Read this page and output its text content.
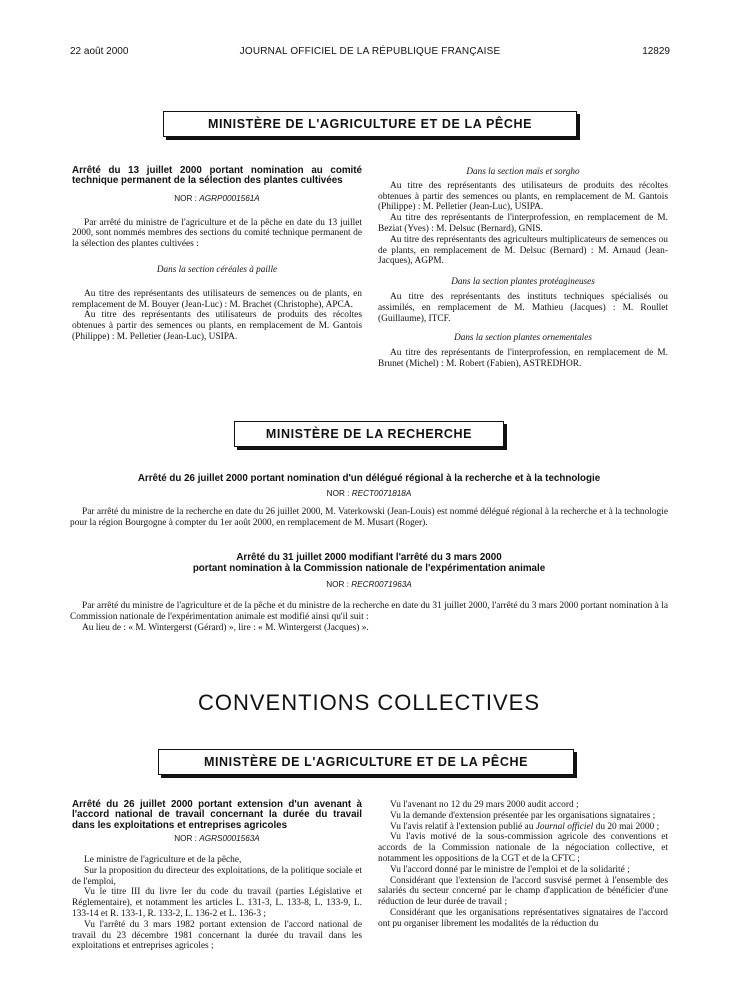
22 août 2000	JOURNAL OFFICIEL DE LA RÉPUBLIQUE FRANÇAISE	12829
MINISTÈRE DE L'AGRICULTURE ET DE LA PÊCHE

Arrêté du 13 juillet 2000 portant nomination au comité technique permanent de la sélection des plantes cultivées

NOR : AGRP0001561A

Par arrêté du ministre de l'agriculture et de la pêche en date du 13 juillet 2000, sont nommés membres des sections du comité technique permanent de la sélection des plantes cultivées :

Dans la section céréales à paille

Au titre des représentants des utilisateurs de semences ou de plants, en remplacement de M. Bouyer (Jean-Luc) : M. Brachet (Christophe), APCA.

Au titre des représentants des utilisateurs de produits des récoltes obtenues à partir des semences ou plants, en remplacement de M. Gantois (Philippe) : M. Pelletier (Jean-Luc), USIPA.

Dans la section maïs et sorgho

Au titre des représentants des utilisateurs de produits des récoltes obtenues à partir des semences ou plants, en remplacement de M. Gantois (Philippe) : M. Pelletier (Jean-Luc), USIPA.

Au titre des représentants de l'interprofession, en remplacement de M. Beziat (Yves) : M. Delsuc (Bernard), GNIS.

Au titre des représentants des agriculteurs multiplicateurs de semences ou de plants, en remplacement de M. Delsuc (Bernard) : M. Arnaud (Jean-Jacques), AGPM.

Dans la section plantes protéagineuses

Au titre des représentants des instituts techniques spécialisés ou assimilés, en remplacement de M. Mathieu (Jacques) : M. Roullet (Guillaume), ITCF.

Dans la section plantes ornementales

Au titre des représentants de l'interprofession, en remplacement de M. Brunet (Michel) : M. Robert (Fabien), ASTREDHOR.

MINISTÈRE DE LA RECHERCHE
Arrêté du 26 juillet 2000 portant nomination d'un délégué régional à la recherche et à la technologie
NOR : RECT0071818A

Par arrêté du ministre de la recherche en date du 26 juillet 2000, M. Vaterkowski (Jean-Louis) est nommé délégué régional à la recherche et à la technologie pour la région Bourgogne à compter du 1er août 2000, en remplacement de M. Musart (Roger).

Arrêté du 31 juillet 2000 modifiant l'arrêté du 3 mars 2000
portant nomination à la Commission nationale de l'expérimentation animale
NOR : RECR0071963A

Par arrêté du ministre de l'agriculture et de la pêche et du ministre de la recherche en date du 31 juillet 2000, l'arrêté du 3 mars 2000 portant nomination à la Commission nationale de l'expérimentation animale est modifié ainsi qu'il suit :

Au lieu de : « M. Wintergerst (Gérard) », lire : « M. Wintergerst (Jacques) ».

CONVENTIONS COLLECTIVES
MINISTÈRE DE L'AGRICULTURE ET DE LA PÊCHE

Arrêté du 26 juillet 2000 portant extension d'un avenant à l'accord national de travail concernant la durée du travail dans les exploitations et entreprises agricoles

NOR : AGRS0001563A

Le ministre de l'agriculture et de la pêche,

Sur la proposition du directeur des exploitations, de la politique sociale et de l'emploi,

Vu le titre III du livre Ier du code du travail (parties Législative et Réglementaire), et notamment les articles L. 131-3, L. 133-8, L. 133-9, L. 133-14 et R. 133-1, R. 133-2, L. 136-2 et L. 136-3 ;

Vu l'arrêté du 3 mars 1982 portant extension de l'accord national de travail du 23 décembre 1981 concernant la durée du travail dans les exploitations et entreprises agricoles ;

Vu l'avenant no 12 du 29 mars 2000 audit accord ;

Vu la demande d'extension présentée par les organisations signataires ;

Vu l'avis relatif à l'extension publié au Journal officiel du 20 mai 2000 ;

Vu l'avis motivé de la sous-commission agricole des conventions et accords de la Commission nationale de la négociation collective, et notamment les oppositions de la CGT et de la CFTC ;

Vu l'accord donné par le ministre de l'emploi et de la solidarité ;

Considérant que l'extension de l'accord susvisé permet à l'ensemble des salariés du secteur concerné par le champ d'application de bénéficier d'une réduction de leur durée de travail ;

Considérant que les organisations représentatives signataires de l'accord ont pu organiser librement les modalités de la réduction du
